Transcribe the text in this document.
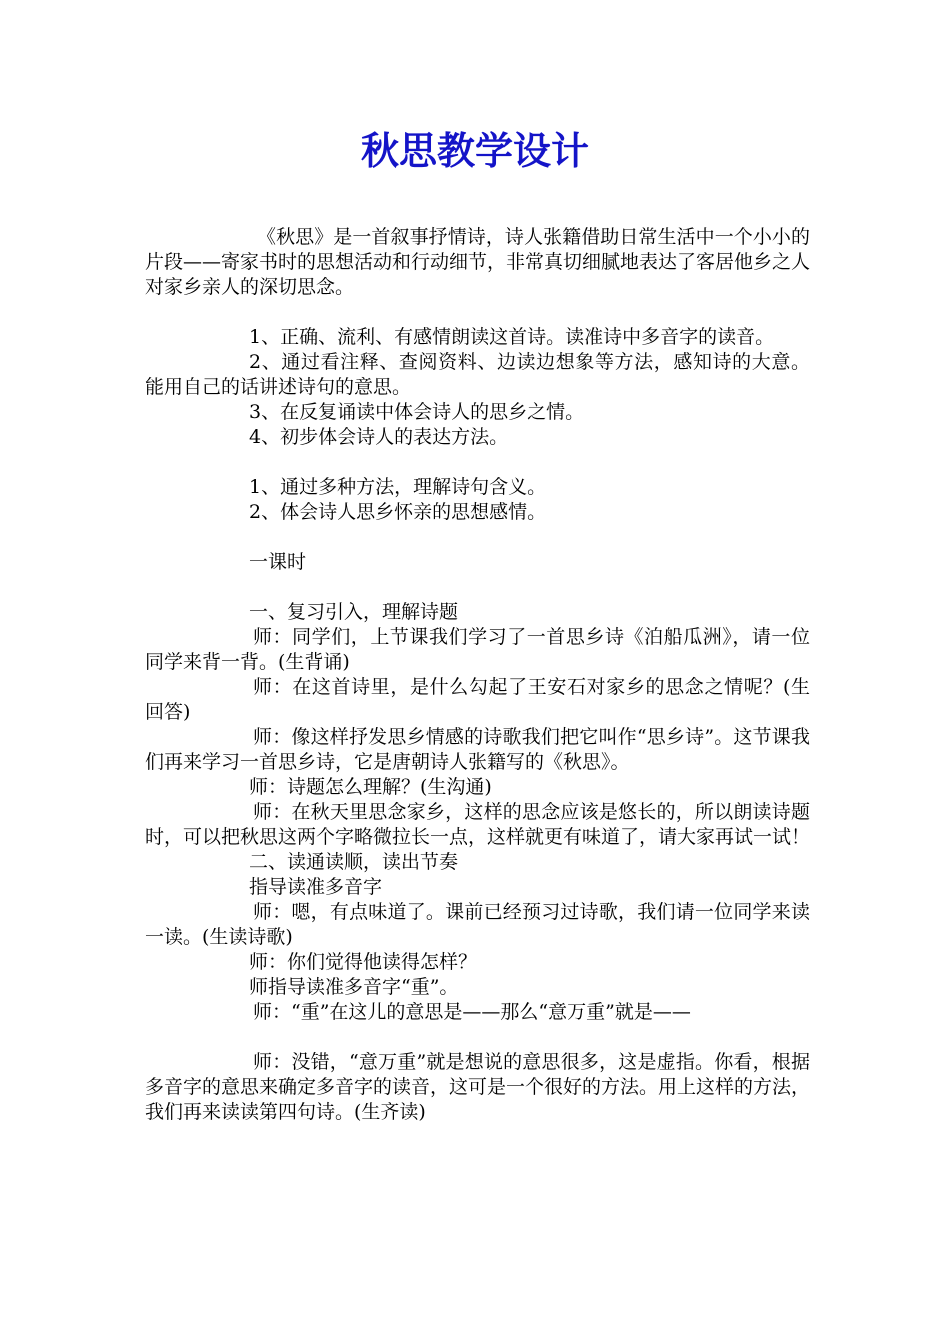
秋思教学设计

《秋思》是一首叙事抒情诗，诗人张籍借助日常生活中一个小小的片段——寄家书时的思想活动和行动细节，非常真切细腻地表达了客居他乡之人对家乡亲人的深切思念。

1、正确、流利、有感情朗读这首诗。读准诗中多音字的读音。

2、通过看注释、查阅资料、边读边想象等方法，感知诗的大意。能用自己的话讲述诗句的意思。

3、在反复诵读中体会诗人的思乡之情。

4、初步体会诗人的表达方法。

1、通过多种方法，理解诗句含义。

2、体会诗人思乡怀亲的思想感情。

一课时

一、复习引入，理解诗题

师：同学们，上节课我们学习了一首思乡诗《泊船瓜洲》，请一位同学来背一背。(生背诵)

师：在这首诗里，是什么勾起了王安石对家乡的思念之情呢？(生回答)

师：像这样抒发思乡情感的诗歌我们把它叫作“思乡诗”。这节课我们再来学习一首思乡诗，它是唐朝诗人张籍写的《秋思》。

师：诗题怎么理解？(生沟通)

师：在秋天里思念家乡，这样的思念应该是悠长的，所以朗读诗题时，可以把秋思这两个字略微拉长一点，这样就更有味道了，请大家再试一试！

二、读通读顺，读出节奏

指导读准多音字

师：嗯，有点味道了。课前已经预习过诗歌，我们请一位同学来读一读。(生读诗歌)

师：你们觉得他读得怎样？

师指导读准多音字“重”。

师：“重”在这儿的意思是——那么“意万重”就是——

师：没错，“意万重”就是想说的意思很多，这是虚指。你看，根据多音字的意思来确定多音字的读音，这可是一个很好的方法。用上这样的方法，我们再来读读第四句诗。(生齐读)
